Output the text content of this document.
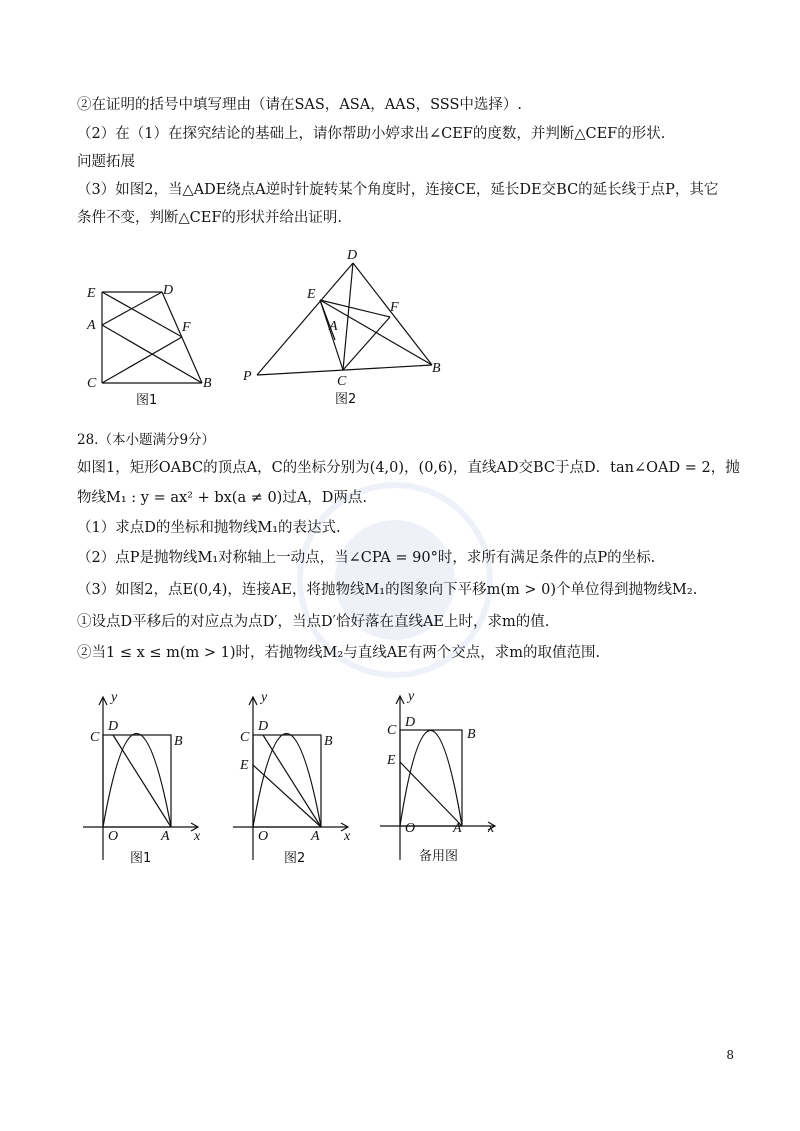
②在证明的括号中填写理由（请在SAS，ASA，AAS，SSS中选择）.
（2）在（1）在探究结论的基础上，请你帮助小婷求出∠CEF的度数，并判断△CEF的形状.
问题拓展
（3）如图2，当△ADE绕点A逆时针旋转某个角度时，连接CE，延长DE交BC的延长线于点P，其它
条件不变，判断△CEF的形状并给出证明.
E	D
A	F
C	B
图1
D
E
F
A
P	C
B
图2
28.（本小题满分9分）
如图1，矩形OABC的顶点A，C的坐标分别为(4,0)，(0,6)，直线AD交BC于点D．tan∠OAD = 2，抛
物线M₁ : y = ax² + bx(a ≠ 0)过A，D两点.
（1）求点D的坐标和抛物线M₁的表达式.
（2）点P是抛物线M₁对称轴上一动点，当∠CPA = 90°时，求所有满足条件的点P的坐标.
（3）如图2，点E(0,4)，连接AE，将抛物线M₁的图象向下平移m(m > 0)个单位得到抛物线M₂.
①设点D平移后的对应点为点D′，当点D′恰好落在直线AE上时，求m的值.
②当1 ≤ x ≤ m(m > 1)时，若抛物线M₂与直线AE有两个交点，求m的取值范围.
y
C
D
B
O	A x
图1
y
C
D
B
E
O	A x
图2
y
C
D
B
E
O	A x
备用图
8
